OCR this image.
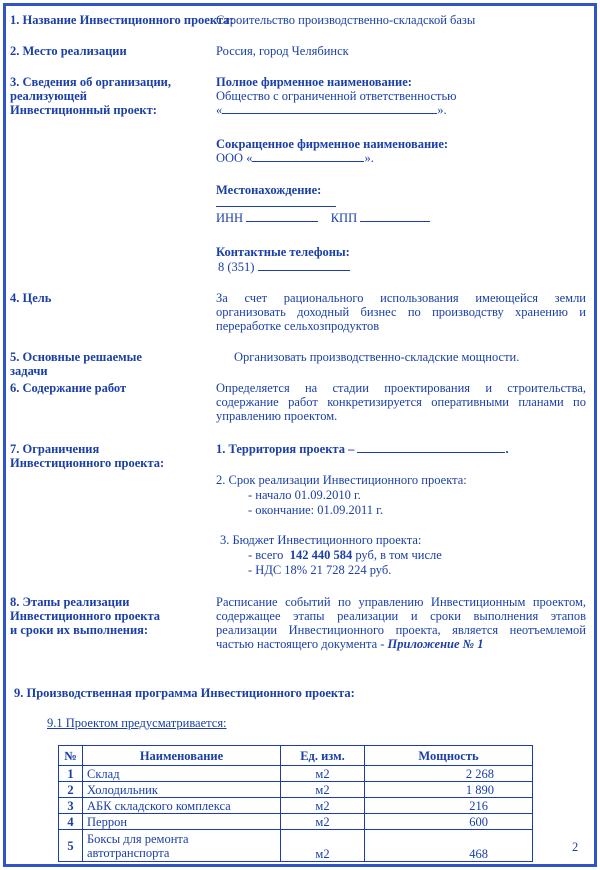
1. Название Инвестиционного проекта:
Строительство производственно-складской базы
2. Место реализации	Россия, город Челябинск
3. Сведения об организации,
реализующей
Инвестиционный проект:
Полное фирменное наименование:
Общество с ограниченной ответственностью
«	».
Сокращенное фирменное наименование:
ООО «	».
Местонахождение:
ИНН	КПП
Контактные телефоны:
8 (351)
4. Цель	За счет рационального использования имеющейся земли организовать доходный бизнес по производству хранению и переработке сельхозпродуктов
5. Основные решаемые
задачи
Организовать производственно-складские мощности.
6. Содержание работ	Определяется на стадии проектирования и строительства, содержание работ конкретизируется оперативными планами по управлению проектом.
7. Ограничения
Инвестиционного проекта:
1. Территория проекта –	.
2. Срок реализации Инвестиционного проекта:
- начало 01.09.2010 г.
- окончание: 01.09.2011 г.
3. Бюджет Инвестиционного проекта:
- всего 142 440 584 руб, в том числе
- НДС 18% 21 728 224 руб.
8. Этапы реализации
Инвестиционного проекта
и сроки их выполнения:
Расписание событий по управлению Инвестиционным проектом, содержащее этапы реализации и сроки выполнения этапов реализации Инвестиционного проекта, является неотъемлемой частью настоящего документа - Приложение № 1
9. Производственная программа Инвестиционного проекта:
9.1 Проектом предусматривается:
№	Наименование	Ед. изм.	Мощность
1	Склад	м2	2 268
2	Холодильник	м2	1 890
3	АБК складского комплекса	м2	216
4	Перрон	м2	600
5	Боксы для ремонта
автотранспорта	м2	468	2
